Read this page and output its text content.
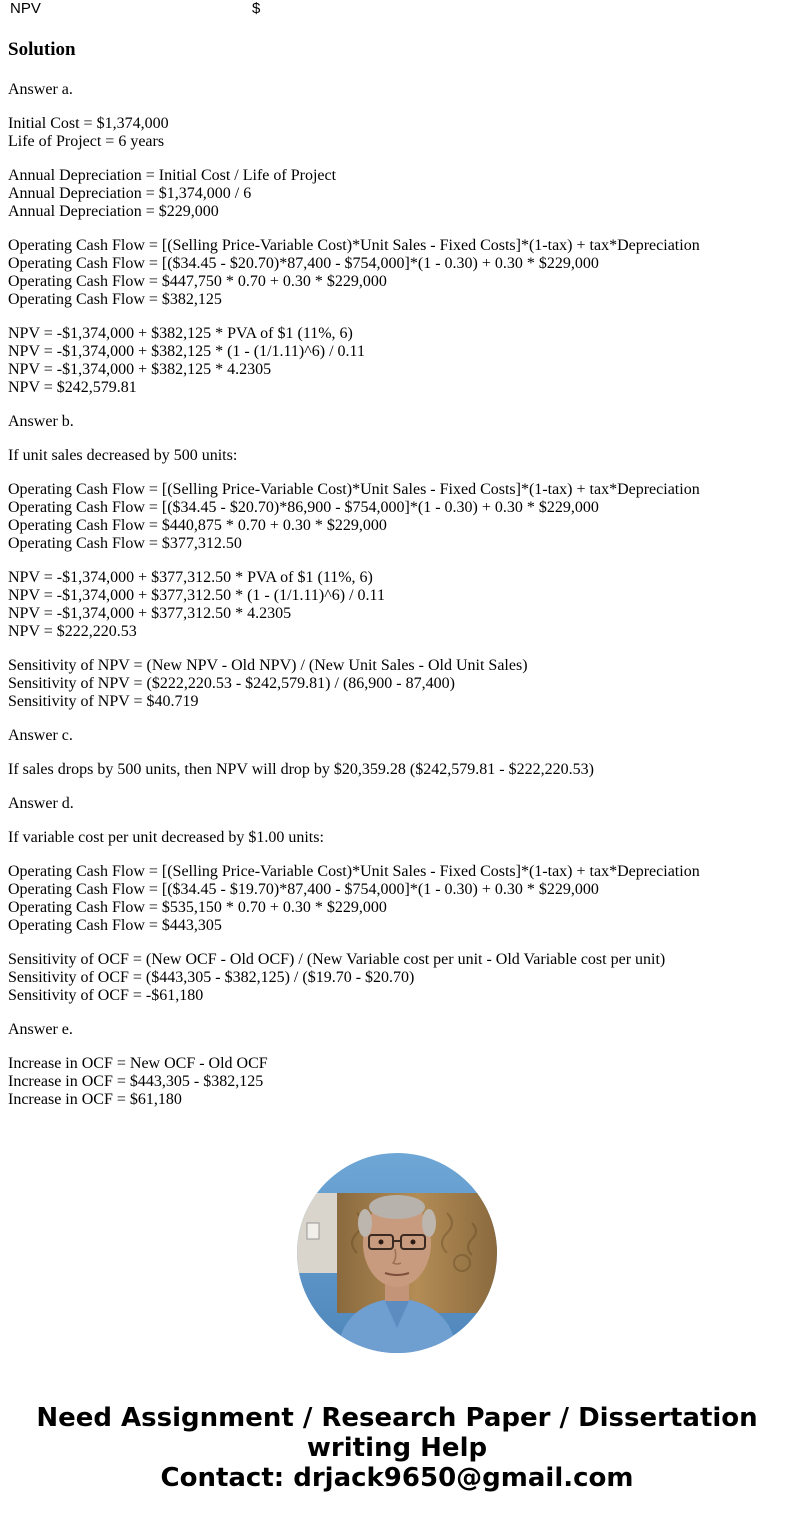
NPV	$
Solution
Answer a.
Initial Cost = $1,374,000
Life of Project = 6 years
Annual Depreciation = Initial Cost / Life of Project
Annual Depreciation = $1,374,000 / 6
Annual Depreciation = $229,000
Operating Cash Flow = [(Selling Price-Variable Cost)*Unit Sales - Fixed Costs]*(1-tax) + tax*Depreciation
Operating Cash Flow = [($34.45 - $20.70)*87,400 - $754,000]*(1 - 0.30) + 0.30 * $229,000
Operating Cash Flow = $447,750 * 0.70 + 0.30 * $229,000
Operating Cash Flow = $382,125
NPV = -$1,374,000 + $382,125 * PVA of $1 (11%, 6)
NPV = -$1,374,000 + $382,125 * (1 - (1/1.11)^6) / 0.11
NPV = -$1,374,000 + $382,125 * 4.2305
NPV = $242,579.81
Answer b.
If unit sales decreased by 500 units:
Operating Cash Flow = [(Selling Price-Variable Cost)*Unit Sales - Fixed Costs]*(1-tax) + tax*Depreciation
Operating Cash Flow = [($34.45 - $20.70)*86,900 - $754,000]*(1 - 0.30) + 0.30 * $229,000
Operating Cash Flow = $440,875 * 0.70 + 0.30 * $229,000
Operating Cash Flow = $377,312.50
NPV = -$1,374,000 + $377,312.50 * PVA of $1 (11%, 6)
NPV = -$1,374,000 + $377,312.50 * (1 - (1/1.11)^6) / 0.11
NPV = -$1,374,000 + $377,312.50 * 4.2305
NPV = $222,220.53
Sensitivity of NPV = (New NPV - Old NPV) / (New Unit Sales - Old Unit Sales)
Sensitivity of NPV = ($222,220.53 - $242,579.81) / (86,900 - 87,400)
Sensitivity of NPV = $40.719
Answer c.
If sales drops by 500 units, then NPV will drop by $20,359.28 ($242,579.81 - $222,220.53)
Answer d.
If variable cost per unit decreased by $1.00 units:
Operating Cash Flow = [(Selling Price-Variable Cost)*Unit Sales - Fixed Costs]*(1-tax) + tax*Depreciation
Operating Cash Flow = [($34.45 - $19.70)*87,400 - $754,000]*(1 - 0.30) + 0.30 * $229,000
Operating Cash Flow = $535,150 * 0.70 + 0.30 * $229,000
Operating Cash Flow = $443,305
Sensitivity of OCF = (New OCF - Old OCF) / (New Variable cost per unit - Old Variable cost per unit)
Sensitivity of OCF = ($443,305 - $382,125) / ($19.70 - $20.70)
Sensitivity of OCF = -$61,180
Answer e.
Increase in OCF = New OCF - Old OCF
Increase in OCF = $443,305 - $382,125
Increase in OCF = $61,180
Need Assignment / Research Paper / Dissertation
writing Help
Contact: drjack9650@gmail.com
